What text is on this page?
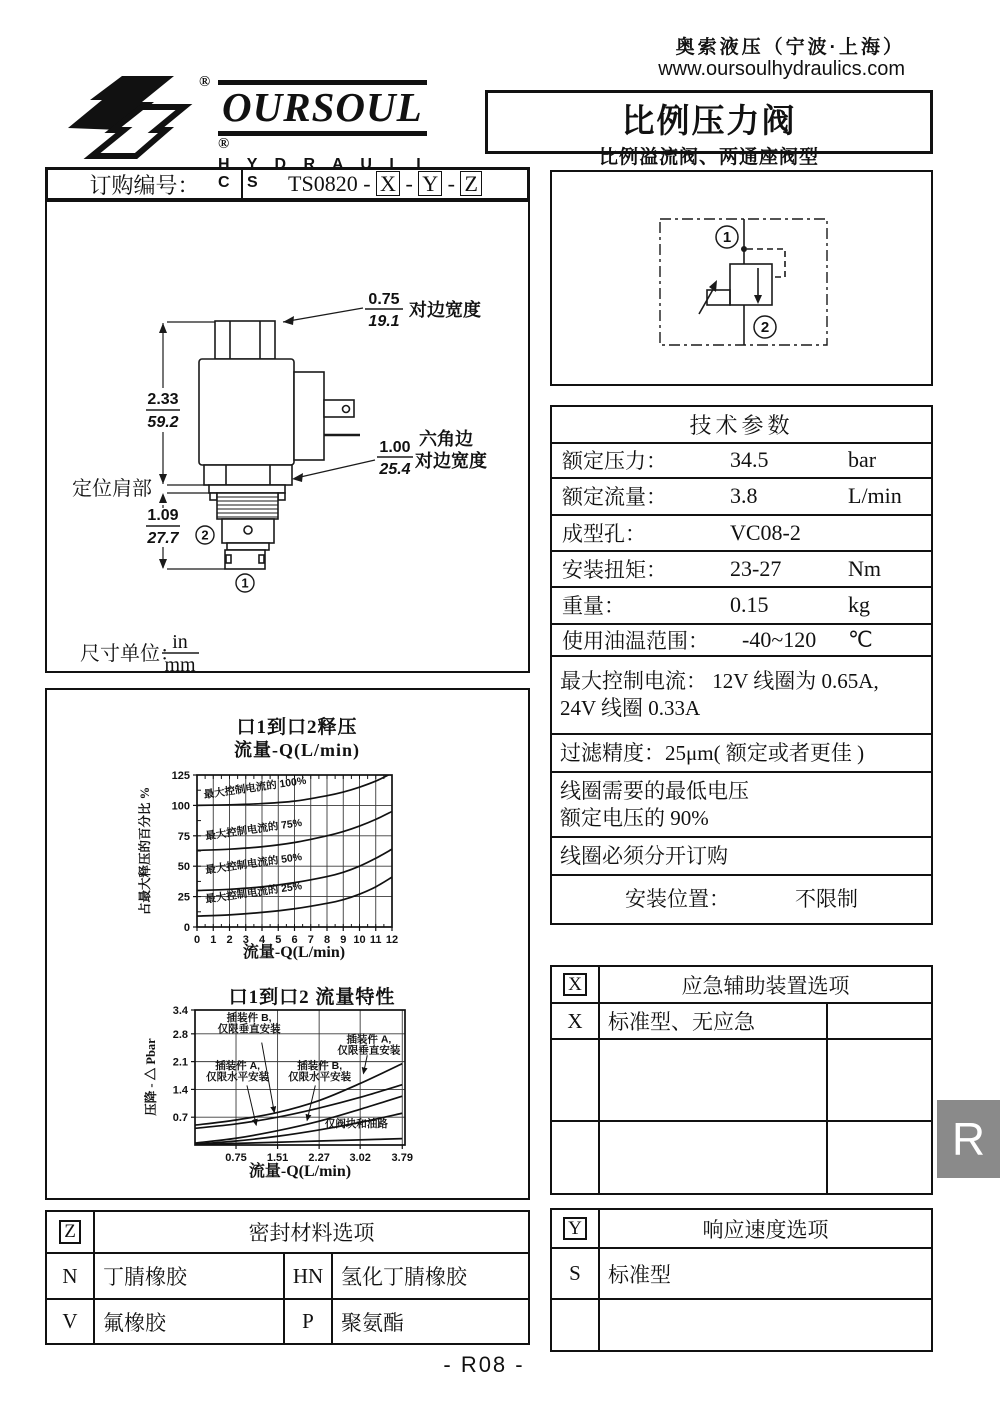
®
OURSOUL®
H Y D R A U L I C S
奥索液压（宁波·上海）
www.oursoulhydraulics.com
比例压力阀
比例溢流阀、两通座阀型
订购编号：	TS0820 - X - Y - Z
2
1
2.33
59.2
1.09
27.7
0.75
19.1
对边宽度
1.00
25.4
六角边
对边宽度
定位肩部
尺寸单位：
in
mm
1
2
技术参数
额定压力：	34.5	bar
额定流量：	3.8	L/min
成型孔：	VC08-2
安装扭矩：	23-27	Nm
重量：	0.15	kg
使用油温范围：	-40~120	℃
最大控制电流： 12V 线圈为 0.65A,
24V 线圈 0.33A
过滤精度：25μm( 额定或者更佳 )
线圈需要的最低电压
额定电压的 90%
线圈必须分开订购
安装位置：	不限制
X	应急辅助装置选项
X	标准型、无应急
口1到口2释压
流量-Q(L/min)
0 1 2 3 4 5 6 7 8 9 10 11 12
0
25
50
75
100
125 最大控制电流的 100%
最大控制电流的 75%
最大控制电流的 50%
最大控制电流的 25%
流量-Q(L/min)
占最大释压的百分比 %
口1到口2 流量特性
0.75 1.51 2.27 3.02 3.79
0.7
1.4
2.1
2.8
3.4
插装件 B,仅限垂直安装
插装件 A,仅限垂直安装
插装件 A,仅限水平安装
插装件 B,仅限水平安装
仅阀块和油路
流量-Q(L/min)
压降 - △ Pbar
Z	密封材料选项
N	丁腈橡胶	HN 氢化丁腈橡胶
V	氟橡胶	P	聚氨酯
Y	响应速度选项
S	标准型
R
- R08 -
